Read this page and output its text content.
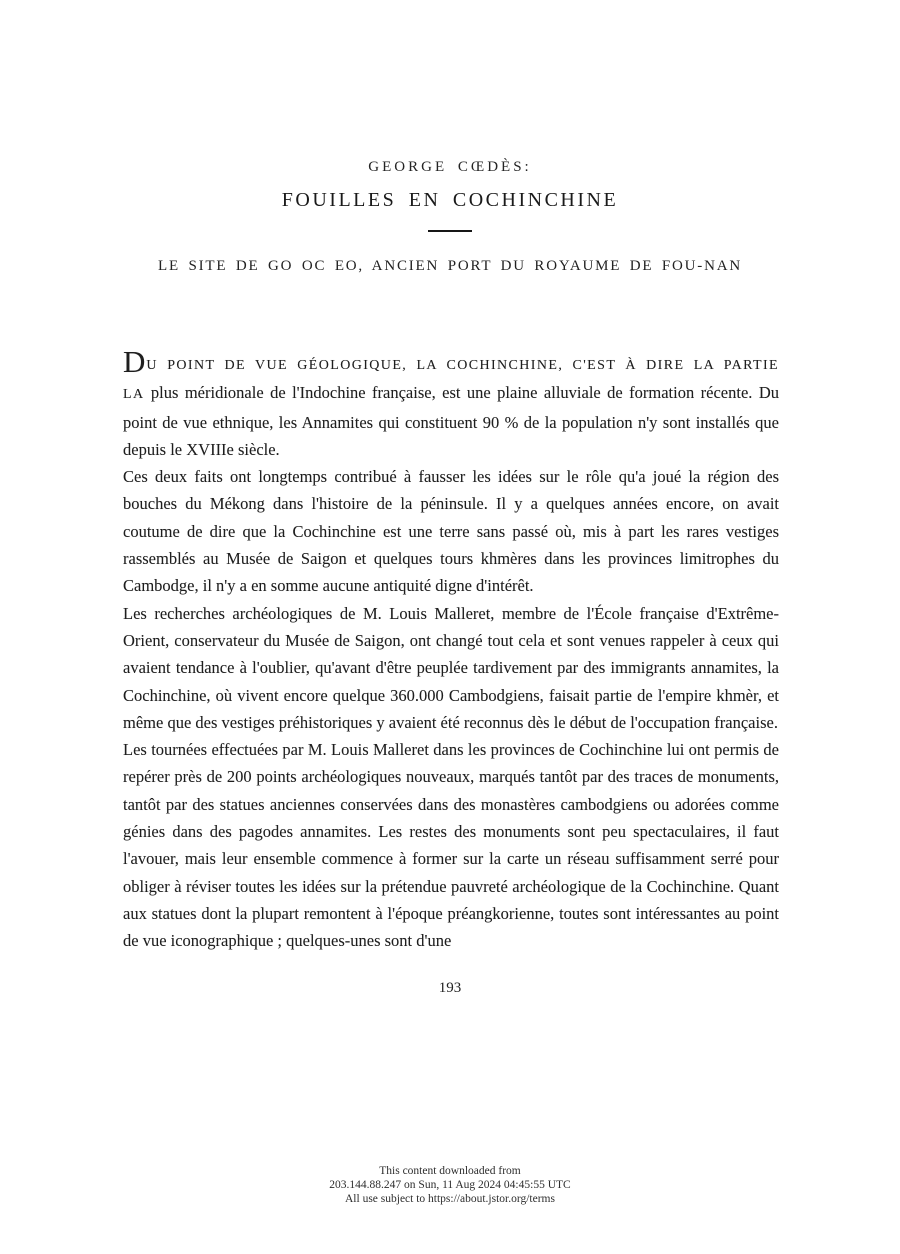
GEORGE CŒDÈS:
FOUILLES EN COCHINCHINE
LE SITE DE GO OC EO, ANCIEN PORT DU ROYAUME DE FOU-NAN

DU POINT DE VUE GÉOLOGIQUE, LA COCHINCHINE, C'EST À DIRE LA PARTIE LA plus méridionale de l'Indochine française, est une plaine alluviale de formation récente. Du point de vue ethnique, les Annamites qui constituent 90 % de la population n'y sont installés que depuis le XVIIIe siècle.

Ces deux faits ont longtemps contribué à fausser les idées sur le rôle qu'a joué la région des bouches du Mékong dans l'histoire de la péninsule. Il y a quelques années encore, on avait coutume de dire que la Cochinchine est une terre sans passé où, mis à part les rares vestiges rassemblés au Musée de Saigon et quelques tours khmères dans les provinces limitrophes du Cambodge, il n'y a en somme aucune antiquité digne d'intérêt.

Les recherches archéologiques de M. Louis Malleret, membre de l'École française d'Extrême-Orient, conservateur du Musée de Saigon, ont changé tout cela et sont venues rappeler à ceux qui avaient tendance à l'oublier, qu'avant d'être peuplée tardivement par des immigrants annamites, la Cochinchine, où vivent encore quelque 360.000 Cambodgiens, faisait partie de l'empire khmèr, et même que des vestiges préhistoriques y avaient été reconnus dès le début de l'occupation française.

Les tournées effectuées par M. Louis Malleret dans les provinces de Cochinchine lui ont permis de repérer près de 200 points archéologiques nouveaux, marqués tantôt par des traces de monuments, tantôt par des statues anciennes conservées dans des monastères cambodgiens ou adorées comme génies dans des pagodes annamites. Les restes des monuments sont peu spectaculaires, il faut l'avouer, mais leur ensemble commence à former sur la carte un réseau suffisamment serré pour obliger à réviser toutes les idées sur la prétendue pauvreté archéologique de la Cochinchine. Quant aux statues dont la plupart remontent à l'époque préangkorienne, toutes sont intéressantes au point de vue iconographique ; quelques-unes sont d'une

193
This content downloaded from
203.144.88.247 on Sun, 11 Aug 2024 04:45:55 UTC
All use subject to https://about.jstor.org/terms
